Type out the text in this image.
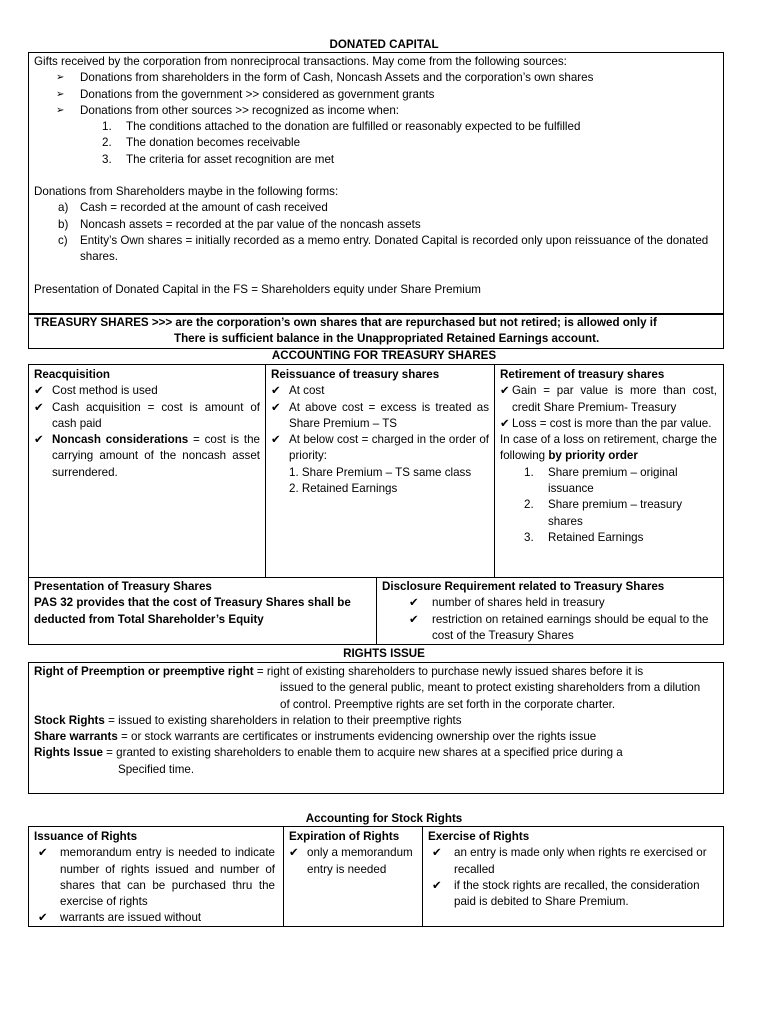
DONATED CAPITAL
Gifts received by the corporation from nonreciprocal transactions. May come from the following sources:
➢ Donations from shareholders in the form of Cash, Noncash Assets and the corporation’s own shares
➢ Donations from the government >> considered as government grants
➢ Donations from other sources >> recognized as income when:
1. The conditions attached to the donation are fulfilled or reasonably expected to be fulfilled
2. The donation becomes receivable
3. The criteria for asset recognition are met
Donations from Shareholders maybe in the following forms:
a) Cash = recorded at the amount of cash received
b) Noncash assets = recorded at the par value of the noncash assets
c) Entity’s Own shares = initially recorded as a memo entry. Donated Capital is recorded only upon reissuance of the donated shares.
Presentation of Donated Capital in the FS = Shareholders equity under Share Premium
TREASURY SHARES >>> are the corporation’s own shares that are repurchased but not retired; is allowed only if
There is sufficient balance in the Unappropriated Retained Earnings account.
ACCOUNTING FOR TREASURY SHARES
Reacquisition
✔ Cost method is used
✔ Cash acquisition = cost is amount of cash paid
✔ Noncash considerations = cost is the carrying amount of the noncash asset surrendered.
Reissuance of treasury shares
✔ At cost
✔ At above cost = excess is treated as Share Premium – TS
✔ At below cost = charged in the order of priority:
1. Share Premium – TS same class
2. Retained Earnings
Retirement of treasury shares
✔ Gain = par value is more than cost, credit Share Premium- Treasury
✔ Loss = cost is more than the par value.
In case of a loss on retirement, charge the following by priority order
1. Share premium – original issuance
2. Share premium – treasury shares
3. Retained Earnings
Presentation of Treasury Shares
PAS 32 provides that the cost of Treasury Shares shall be deducted from Total Shareholder’s Equity
Disclosure Requirement related to Treasury Shares
✔ number of shares held in treasury
✔ restriction on retained earnings should be equal to the cost of the Treasury Shares
RIGHTS ISSUE
Right of Preemption or preemptive right = right of existing shareholders to purchase newly issued shares before it is
issued to the general public, meant to protect existing shareholders from a dilution of control. Preemptive rights are set forth in the corporate charter.
Stock Rights = issued to existing shareholders in relation to their preemptive rights
Share warrants = or stock warrants are certificates or instruments evidencing ownership over the rights issue
Rights Issue = granted to existing shareholders to enable them to acquire new shares at a specified price during a
Specified time.
Accounting for Stock Rights
Issuance of Rights
✔ memorandum entry is needed to indicate number of rights issued and number of shares that can be purchased thru the exercise of rights
✔ warrants are issued without
Expiration of Rights
✔ only a memorandum entry is needed
Exercise of Rights
✔ an entry is made only when rights re exercised or recalled
✔ if the stock rights are recalled, the consideration paid is debited to Share Premium.
